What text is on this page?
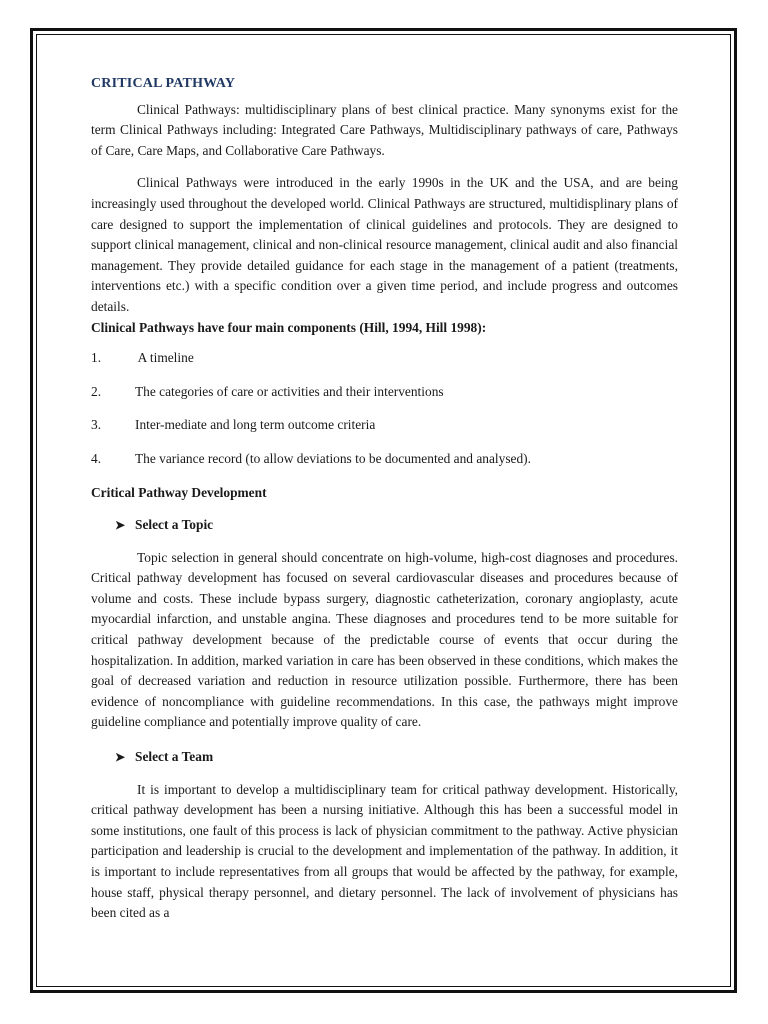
CRITICAL PATHWAY

Clinical Pathways: multidisciplinary plans of best clinical practice. Many synonyms exist for the term Clinical Pathways including: Integrated Care Pathways, Multidisciplinary pathways of care, Pathways of Care, Care Maps, and Collaborative Care Pathways.

Clinical Pathways were introduced in the early 1990s in the UK and the USA, and are being increasingly used throughout the developed world. Clinical Pathways are structured, multidisplinary plans of care designed to support the implementation of clinical guidelines and protocols. They are designed to support clinical management, clinical and non-clinical resource management, clinical audit and also financial management. They provide detailed guidance for each stage in the management of a patient (treatments, interventions etc.) with a specific condition over a given time period, and include progress and outcomes details.

Clinical Pathways have four main components (Hill, 1994, Hill 1998):
1.	A timeline
2.	The categories of care or activities and their interventions
3.	Inter-mediate and long term outcome criteria
4.	The variance record (to allow deviations to be documented and analysed).
Critical Pathway Development
➤ Select a Topic

Topic selection in general should concentrate on high-volume, high-cost diagnoses and procedures. Critical pathway development has focused on several cardiovascular diseases and procedures because of volume and costs. These include bypass surgery, diagnostic catheterization, coronary angioplasty, acute myocardial infarction, and unstable angina. These diagnoses and procedures tend to be more suitable for critical pathway development because of the predictable course of events that occur during the hospitalization. In addition, marked variation in care has been observed in these conditions, which makes the goal of decreased variation and reduction in resource utilization possible. Furthermore, there has been evidence of noncompliance with guideline recommendations. In this case, the pathways might improve guideline compliance and potentially improve quality of care.

➤ Select a Team

It is important to develop a multidisciplinary team for critical pathway development. Historically, critical pathway development has been a nursing initiative. Although this has been a successful model in some institutions, one fault of this process is lack of physician commitment to the pathway. Active physician participation and leadership is crucial to the development and implementation of the pathway. In addition, it is important to include representatives from all groups that would be affected by the pathway, for example, house staff, physical therapy personnel, and dietary personnel. The lack of involvement of physicians has been cited as a
